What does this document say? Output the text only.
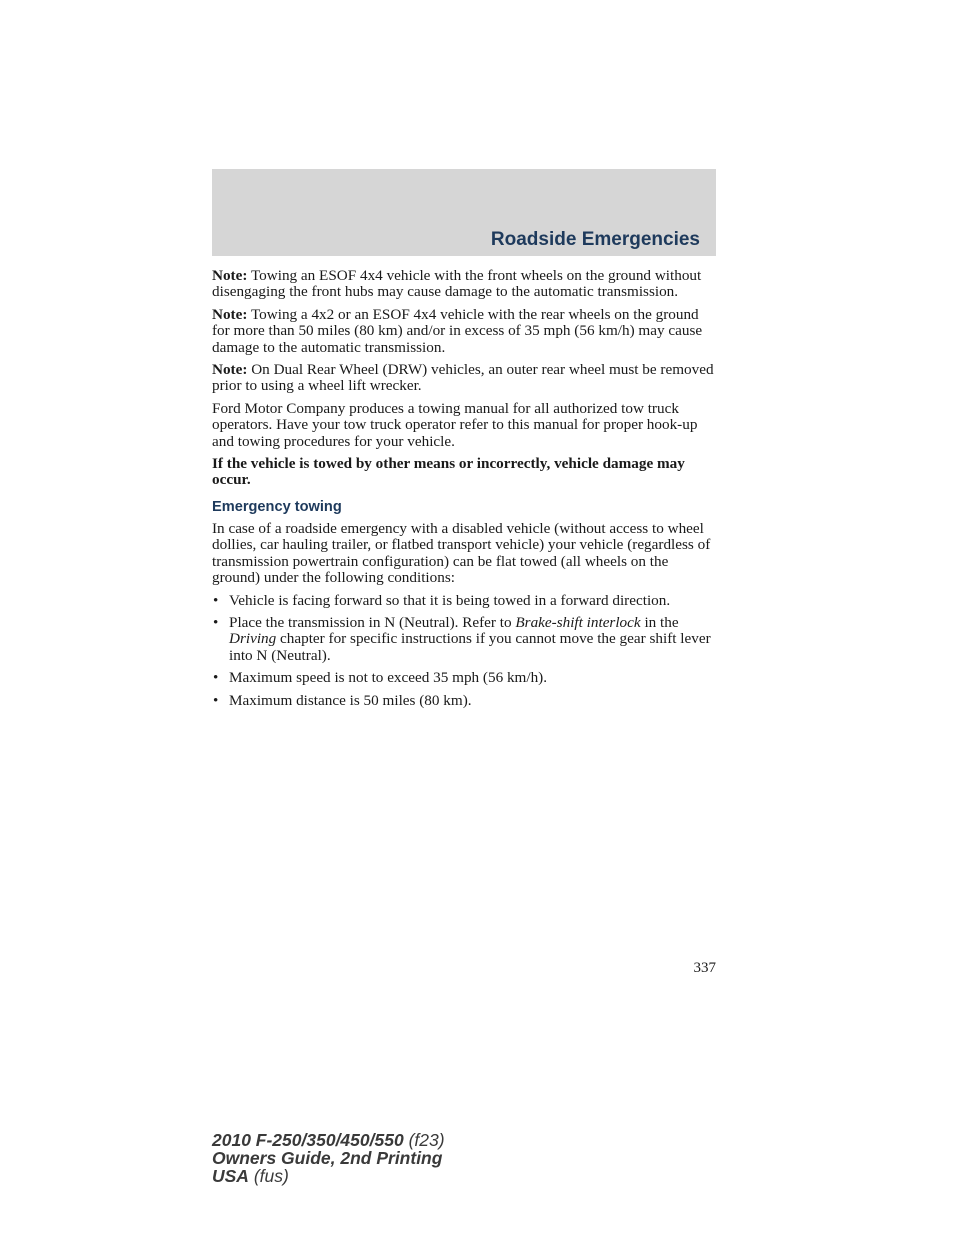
Roadside Emergencies

Note: Towing an ESOF 4x4 vehicle with the front wheels on the ground without disengaging the front hubs may cause damage to the automatic transmission.

Note: Towing a 4x2 or an ESOF 4x4 vehicle with the rear wheels on the ground for more than 50 miles (80 km) and/or in excess of 35 mph (56 km/h) may cause damage to the automatic transmission.

Note: On Dual Rear Wheel (DRW) vehicles, an outer rear wheel must be removed prior to using a wheel lift wrecker.

Ford Motor Company produces a towing manual for all authorized tow truck operators. Have your tow truck operator refer to this manual for proper hook-up and towing procedures for your vehicle.

If the vehicle is towed by other means or incorrectly, vehicle damage may occur.

Emergency towing

In case of a roadside emergency with a disabled vehicle (without access to wheel dollies, car hauling trailer, or flatbed transport vehicle) your vehicle (regardless of transmission powertrain configuration) can be flat towed (all wheels on the ground) under the following conditions:

• Vehicle is facing forward so that it is being towed in a forward direction.
• Place the transmission in N (Neutral). Refer to Brake-shift interlock in the Driving chapter for specific instructions if you cannot move the gear shift lever into N (Neutral).
• Maximum speed is not to exceed 35 mph (56 km/h).
• Maximum distance is 50 miles (80 km).
337
2010 F-250/350/450/550 (f23)
Owners Guide, 2nd Printing
USA (fus)
